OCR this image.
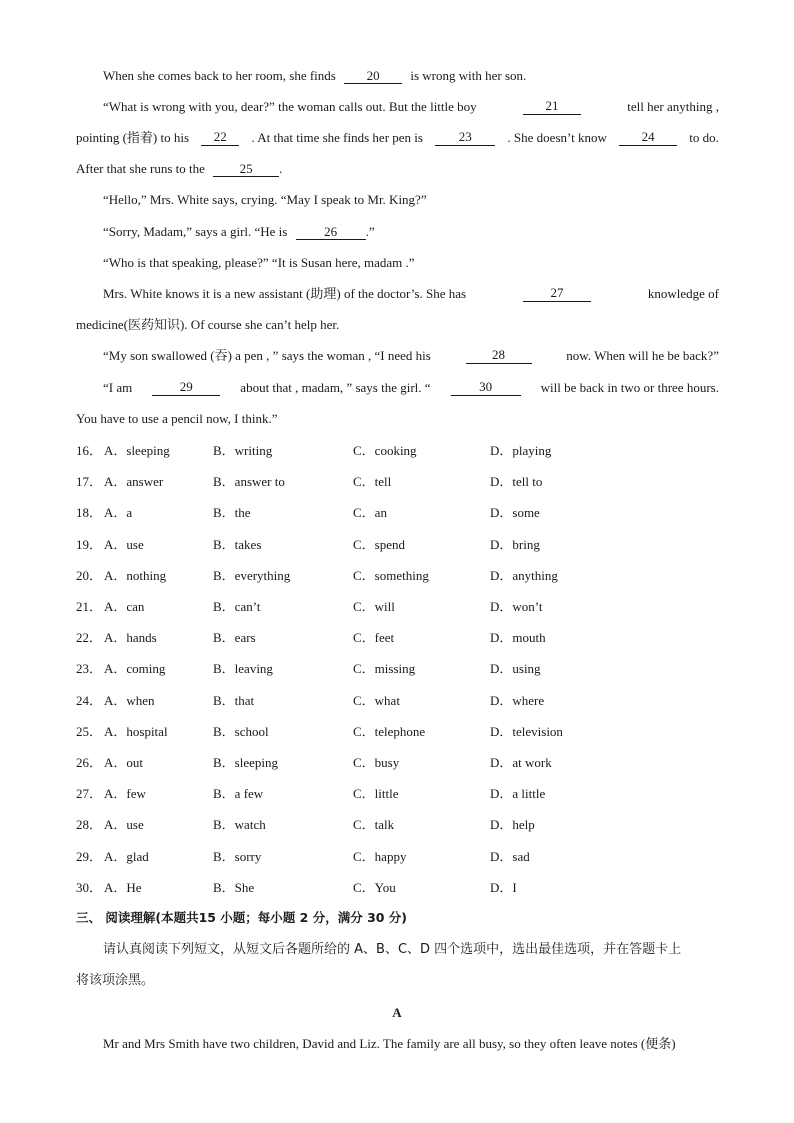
When she comes back to her room, she finds 20 is wrong with her son.
“What is wrong with you, dear?” the woman calls out. But the little boy	21	tell her anything ,
pointing (指着) to his	22	. At that time she finds her pen is	23	. She doesn’t know	24	to do.
After that she runs to the	25 .
“Hello,” Mrs. White says, crying. “May I speak to Mr. King?”
“Sorry, Madam,” says a girl. “He is	26 .”
“Who is that speaking, please?” “It is Susan here, madam .”
Mrs. White knows it is a new assistant (助理) of the doctor’s. She has	27	knowledge of
medicine(医药知识). Of course she can’t help her.
“My son swallowed (吞) a pen , ” says the woman , “I need his	28	now. When will he be back?”
“I am	29	about that , madam, ” says the girl. “	30	will be back in two or three hours.
You have to use a pencil now, I think.”
16． A．sleeping	B．writing	C．cooking	D．playing
17． A．answer	B．answer to	C．tell	D．tell to
18． A．a	B．the	C．an	D．some
19． A．use	B．takes	C．spend	D．bring
20． A．nothing	B．everything	C．something	D．anything
21． A．can	B．can’t	C．will	D．won’t
22． A．hands	B．ears	C．feet	D．mouth
23． A．coming	B．leaving	C．missing	D．using
24． A．when	B．that	C．what	D．where
25． A．hospital	B．school	C．telephone	D．television
26． A．out	B．sleeping	C．busy	D．at work
27． A．few	B．a few	C．little	D．a little
28． A．use	B．watch	C．talk	D．help
29． A．glad	B．sorry	C．happy	D．sad
30． A．He	B．She	C．You	D．I
三、 阅读理解(本题共15 小题；每小题 2 分，满分 30 分)
请认真阅读下列短文，从短文后各题所给的 A、B、C、D 四个选项中，选出最佳选项，并在答题卡上
将该项涂黑。
A
Mr and Mrs Smith have two children, David and Liz. The family are all busy, so they often leave notes (便条)
